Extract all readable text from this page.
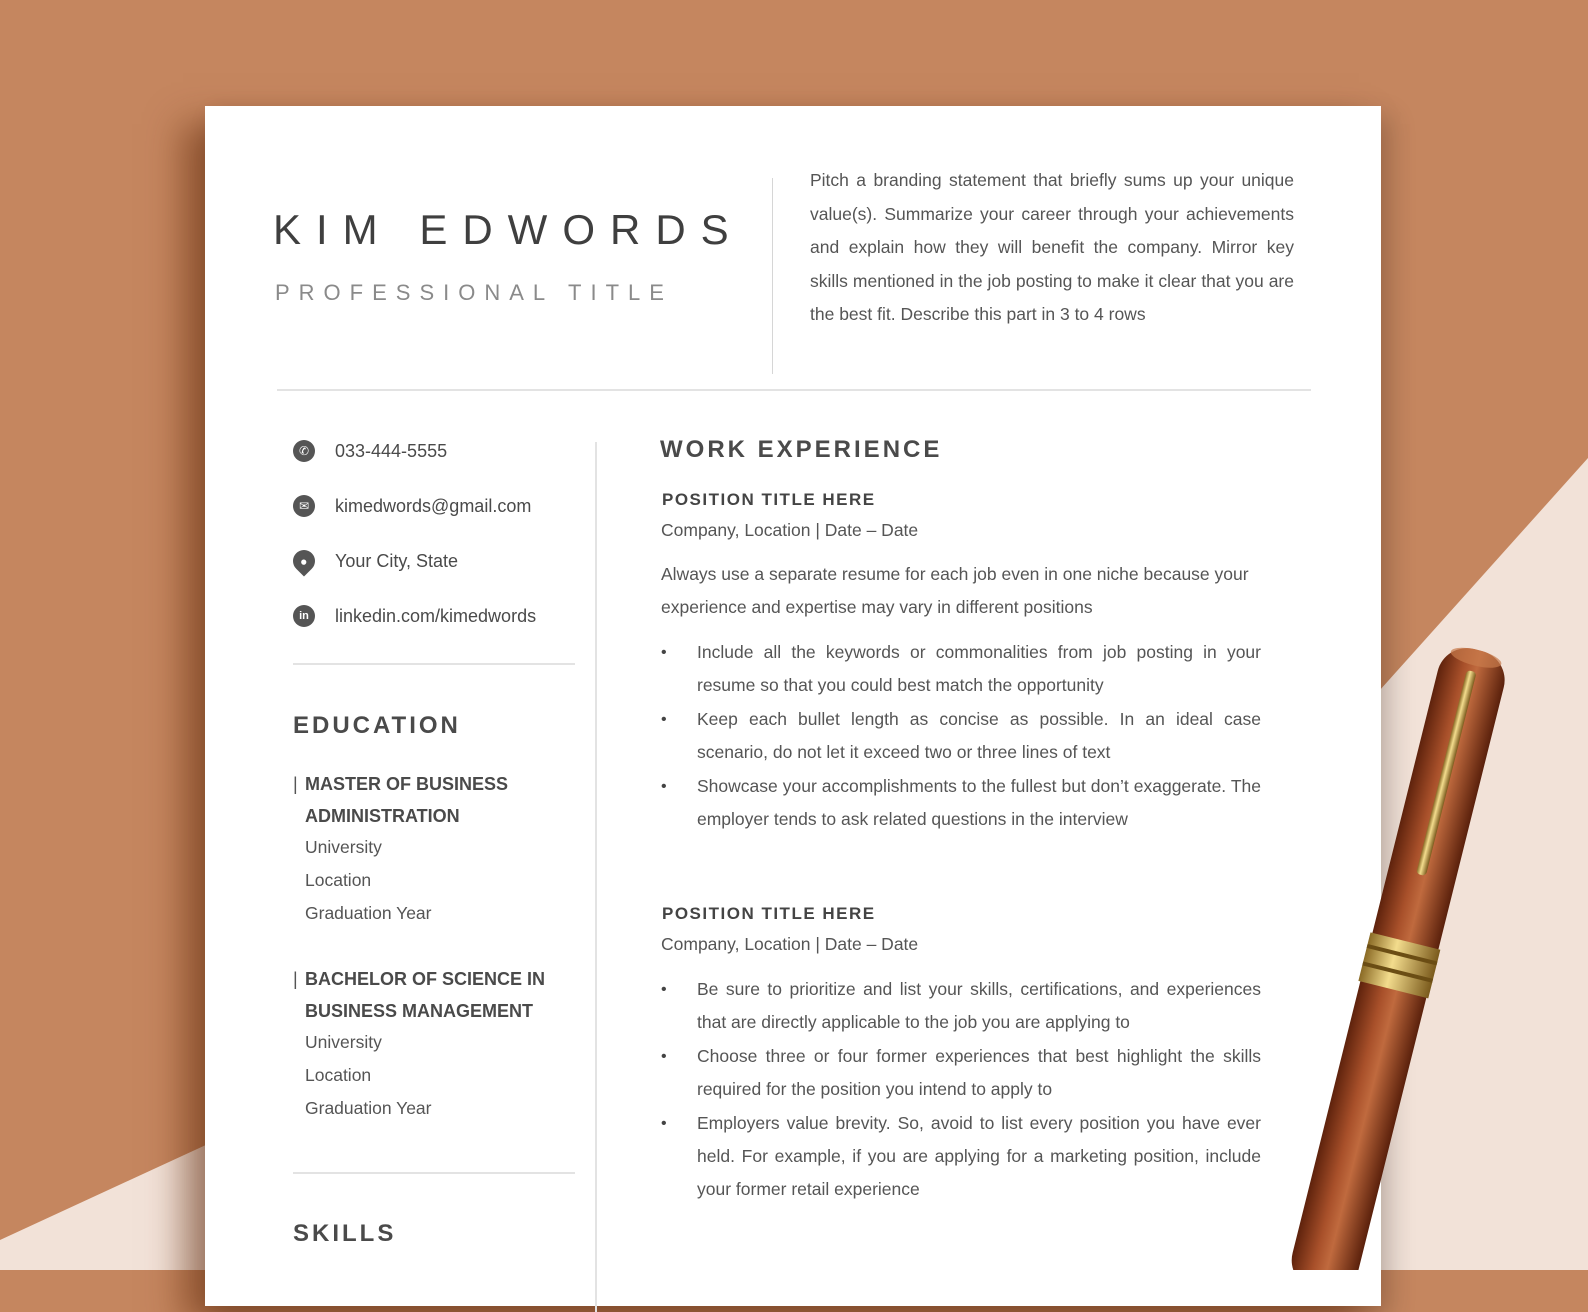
KIM EDWORDS
PROFESSIONAL TITLE
Pitch a branding statement that briefly sums up your unique value(s). Summarize your career through your achievements and explain how they will benefit the company. Mirror key skills mentioned in the job posting to make it clear that you are the best fit. Describe this part in 3 to 4 rows
✆	033-444-5555
✉	kimedwords@gmail.com
●	Your City, State
in	linkedin.com/kimedwords
EDUCATION
| MASTER OF BUSINESS
ADMINISTRATION
University
Location
Graduation Year
| BACHELOR OF SCIENCE IN
BUSINESS MANAGEMENT
University
Location
Graduation Year
SKILLS
WORK EXPERIENCE
POSITION TITLE HERE
Company, Location | Date – Date
Always use a separate resume for each job even in one niche because your experience and expertise may vary in different positions
• Include all the keywords or commonalities from job posting in your resume so that you could best match the opportunity
• Keep each bullet length as concise as possible. In an ideal case scenario, do not let it exceed two or three lines of text
• Showcase your accomplishments to the fullest but don’t exaggerate. The employer tends to ask related questions in the interview
POSITION TITLE HERE
Company, Location | Date – Date
• Be sure to prioritize and list your skills, certifications, and experiences that are directly applicable to the job you are applying to
• Choose three or four former experiences that best highlight the skills required for the position you intend to apply to
• Employers value brevity. So, avoid to list every position you have ever held. For example, if you are applying for a marketing position, include your former retail experience
